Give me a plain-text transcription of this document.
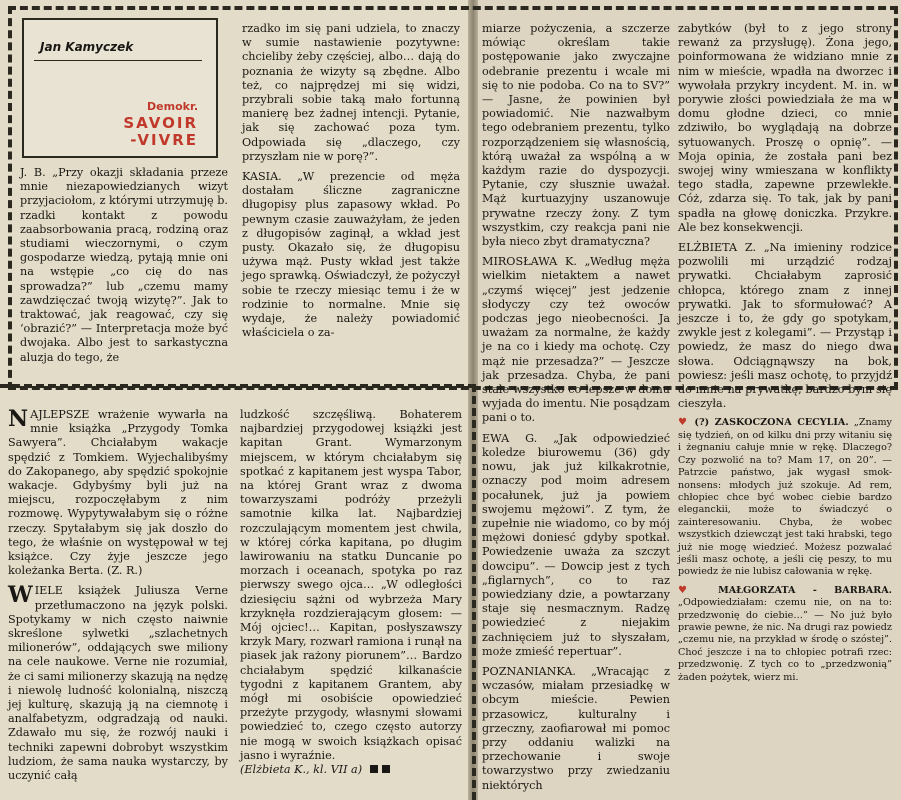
Jan Kamyczek
Demokr.
SAVOIR
-VIVRE

J. B. „Przy okazji składania przeze mnie niezapowiedzianych wizyt przyjaciołom, z którymi utrzymuję b. rzadki kontakt z powodu zaabsorbowania pracą, rodziną oraz studiami wieczornymi, o czym gospodarze wiedzą, pytają mnie oni na wstępie „co cię do nas sprowadza?” lub „czemu mamy zawdzięczać twoją wizytę?”. Jak to traktować, jak reagować, czy się ‘obrazić?” — Interpretacja może być dwojaka. Albo jest to sarkastyczna aluzja do tego, że

rzadko im się pani udziela, to znaczy w sumie nastawienie pozytywne: chcieliby żeby częściej, albo… dają do poznania że wizyty są zbędne. Albo też, co najprędzej mi się widzi, przybrali sobie taką mało fortunną manierę bez żadnej intencji. Pytanie, jak się zachować poza tym. Odpowiada się „dlaczego, czy przyszłam nie w porę?”.

KASIA. „W prezencie od męża dostałam śliczne zagraniczne długopisy plus zapasowy wkład. Po pewnym czasie zauważyłam, że jeden z długopisów zaginął, a wkład jest pusty. Okazało się, że długopisu używa mąż. Pusty wkład jest także jego sprawką. Oświadczył, że pożyczył sobie te rzeczy miesiąc temu i że w rodzinie to normalne. Mnie się wydaje, że należy powiadomić właściciela o za-

miarze pożyczenia, a szczerze mówiąc określam takie postępowanie jako zwyczajne odebranie prezentu i wcale mi się to nie podoba. Co na to SV?” — Jasne, że powinien był powiadomić. Nie nazwałbym tego odebraniem prezentu, tylko rozporządzeniem się własnością, którą uważał za wspólną a w każdym razie do dyspozycji. Pytanie, czy słusznie uważał. Mąż kurtuazyjny uszanowuje prywatne rzeczy żony. Z tym wszystkim, czy reakcja pani nie była nieco zbyt dramatyczna?

MIROSŁAWA K. „Według męża wielkim nietaktem a nawet „czymś więcej” jest jedzenie słodyczy czy też owoców podczas jego nieobecności. Ja uważam za normalne, że każdy je na co i kiedy ma ochotę. Czy mąż nie przesadza?” — Jeszcze jak przesadza. Chyba, że pani stale wszystko co lepsze w domu wyjada do imentu. Nie posądzam pani o to.

EWA G. „Jak odpowiedzieć koledze biurowemu (36) gdy nowu, jak już kilkakrotnie, oznaczy pod moim adresem pocałunek, już ja powiem swojemu mężowi”. Z tym, że zupełnie nie wiadomo, co by mój mężowi doniesć gdyby spotkał. Powiedzenie uważa za szczyt dowcipu”. — Dowcip jest z tych „figlarnych”, co to raz powiedziany dzie, a powtarzany staje się nesmacznym. Radzę powiedzieć z niejakim zachnięciem już to słyszałam, może zmieść repertuar”.

POZNANIANKA. „Wracając z wczasów, miałam przesiadkę w obcym mieście. Pewien przasowicz, kulturalny i grzeczny, zaofiarował mi pomoc przy oddaniu walizki na przechowanie i swoje towarzystwo przy zwiedzaniu niektórych

zabytków (był to z jego strony rewanż za przysługę). Żona jego, poinformowana że widziano mnie z nim w mieście, wpadła na dworzec i wywołała przykry incydent. M. in. w porywie złości powiedziała że ma w domu głodne dzieci, co mnie zdziwiło, bo wyglądają na dobrze sytuowanych. Proszę o opnię”. — Moja opinia, że została pani bez swojej winy wmieszana w konflikty tego stadła, zapewne przewlekłe. Cóż, zdarza się. To tak, jak by pani spadła na głowę doniczka. Przykre. Ale bez konsekwencji.

ELŻBIETA Z. „Na imieniny rodzice pozwolili mi urządzić rodzaj prywatki. Chciałabym zaprosić chłopca, którego znam z innej prywatki. Jak to sformułować? A jeszcze i to, że gdy go spotykam, zwykle jest z kolegami”. — Przystąp i powiedz, że masz do niego dwa słowa. Odciągnąwszy na bok, powiesz: jeśli masz ochotę, to przyjdź do mnie na prywatkę, bardzo bym się cieszyła.

♥ (?) ZASKOCZONA CECYLIA. „Znamy się tydzień, on od kilku dni przy witaniu się i żegnaniu całuje mnie w rękę. Dlaczego? Czy pozwolić na to? Mam 17, on 20”. — Patrzcie państwo, jak wygasł smok-nonsens: młodych już szokuje. Ad rem, chłopiec chce być wobec ciebie bardzo eleganckii, może to świadczyć o zainteresowaniu. Chyba, że wobec wszystkich dziewcząt jest taki hrabski, tego już nie mogę wiedzieć. Możesz pozwalać jeśli masz ochotę, a jeśli cię peszy, to mu powiedz że nie lubisz całowania w rękę.

♥ MAŁGORZATA - BARBARA. „Odpowiedziałam: czemu nie, on na to: przedzwonię do ciebie…” — No już było prawie pewne, że nic. Na drugi raz powiedz „czemu nie, na przykład w środę o szóstej”. Choć jeszcze i na to chłopiec potrafi rzec: przedzwonię. Z tych co to „przedzwonią” żaden pożytek, wierz mi.

NAJLEPSZE wrażenie wywarła na mnie książka „Przygody Tomka Sawyera”. Chciałabym wakacje spędzić z Tomkiem. Wyjechalibyśmy do Zakopanego, aby spędzić spokojnie wakacje. Gdybyśmy byli już na miejscu, rozpoczęłabym z nim rozmowę. Wypytywałabym się o różne rzeczy. Spytałabym się jak doszło do tego, że właśnie on występował w tej książce. Czy żyje jeszcze jego koleżanka Berta. (Z. R.)

WIELE książek Juliusza Verne przetłumaczono na język polski. Spotykamy w nich często naiwnie skreślone sylwetki „szlachetnych milionerów”, oddających swe miliony na cele naukowe. Verne nie rozumiał, że ci sami milionerzy skazują na nędzę i niewolę ludność kolonialną, niszczą jej kulturę, skazują ją na ciemnotę i analfabetyzm, odgradzają od nauki. Zdawało mu się, że rozwój nauki i techniki zapewni dobrobyt wszystkim ludziom, że sama nauka wystarczy, by uczynić całą

ludzkość szczęśliwą. Bohaterem najbardziej przygodowej książki jest kapitan Grant. Wymarzonym miejscem, w którym chciałabym się spotkać z kapitanem jest wyspa Tabor, na której Grant wraz z dwoma towarzyszami podróży przeżyli samotnie kilka lat. Najbardziej rozczulającym momentem jest chwila, w której córka kapitana, po długim lawirowaniu na statku Duncanie po morzach i oceanach, spotyka po raz pierwszy swego ojca… „W odległości dziesięciu sążni od wybrzeża Mary krzyknęła rozdzierającym głosem: — Mój ojciec!… Kapitan, posłyszawszy krzyk Mary, rozwarł ramiona i runął na piasek jak rażony piorunem”… Bardzo chciałabym spędzić kilkanaście tygodni z kapitanem Grantem, aby mógł mi osobiście opowiedzieć przeżyte przygody, własnymi słowami powiedzieć to, czego często autorzy nie mogą w swoich książkach opisać jasno i wyraźnie.

(Elżbieta K., kl. VII a)
